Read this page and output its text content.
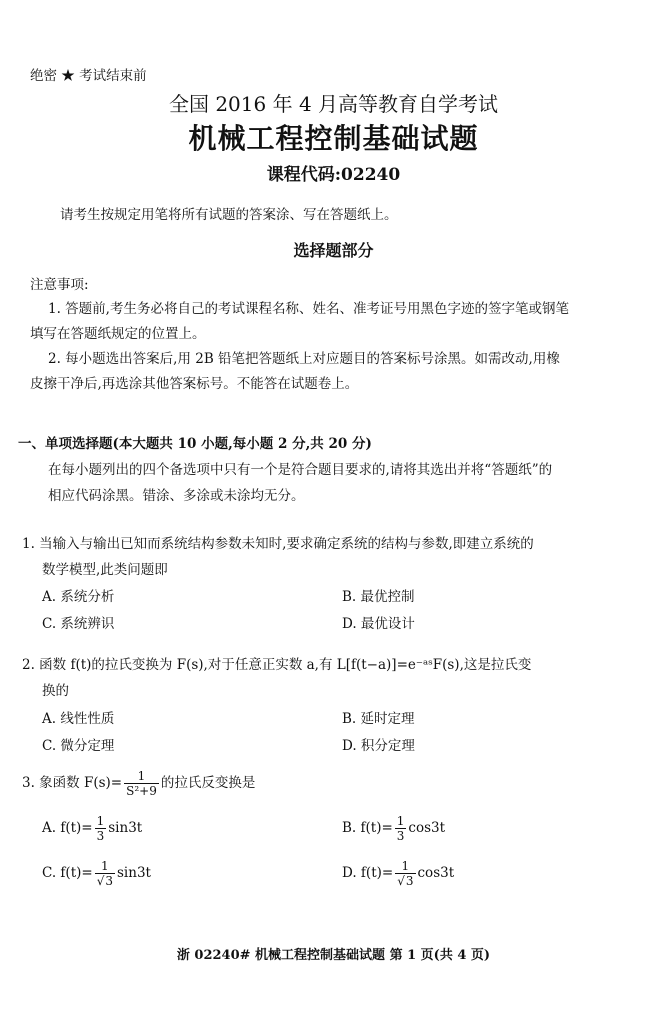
绝密 ★ 考试结束前
全国 2016 年 4 月高等教育自学考试
机械工程控制基础试题
课程代码:02240
请考生按规定用笔将所有试题的答案涂、写在答题纸上。
选择题部分
注意事项:
1. 答题前,考生务必将自己的考试课程名称、姓名、准考证号用黑色字迹的签字笔或钢笔
填写在答题纸规定的位置上。
2. 每小题选出答案后,用 2B 铅笔把答题纸上对应题目的答案标号涂黑。如需改动,用橡
皮擦干净后,再选涂其他答案标号。不能答在试题卷上。
一、单项选择题(本大题共 10 小题,每小题 2 分,共 20 分)
在每小题列出的四个备选项中只有一个是符合题目要求的,请将其选出并将“答题纸”的
相应代码涂黑。错涂、多涂或未涂均无分。
1. 当输入与输出已知而系统结构参数未知时,要求确定系统的结构与参数,即建立系统的
数学模型,此类问题即
A. 系统分析	B. 最优控制
C. 系统辨识	D. 最优设计
2. 函数 f(t)的拉氏变换为 F(s),对于任意正实数 a,有 L[f(t−a)]=e⁻ᵃˢF(s),这是拉氏变
换的
A. 线性性质	B. 延时定理
C. 微分定理	D. 积分定理
3. 象函数 $F(s)= \frac{1}{\text{S²+9}}$ 的拉氏反变换是
A. $f(t)= \frac{1}{3} \sin 3t$	B. $f(t)= \frac{1}{3} \cos 3t$
C. $f(t)= \frac{1}{√3} \sin 3t$	D. $f(t)= \frac{1}{√3} \cos 3t$
浙 02240# 机械工程控制基础试题 第 1 页(共 4 页)
